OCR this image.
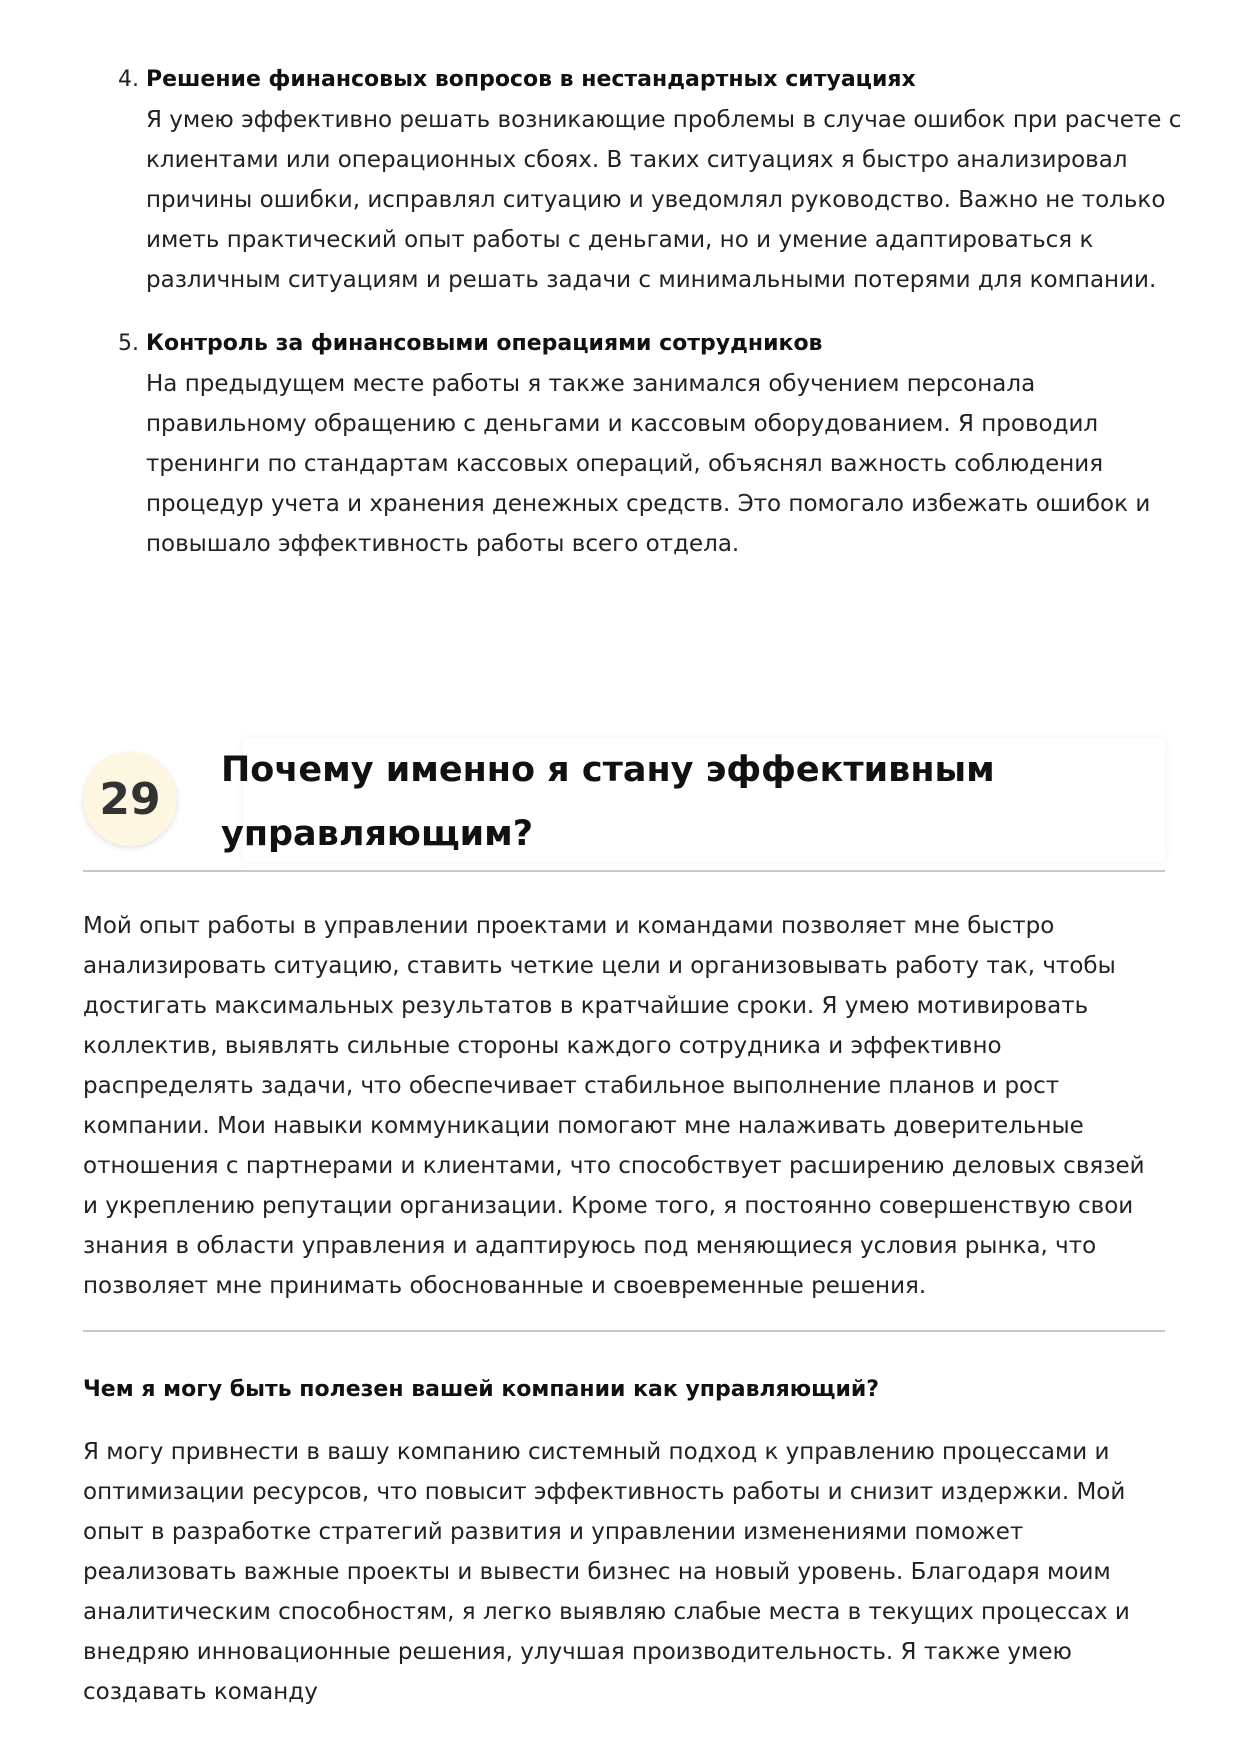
4. Решение финансовых вопросов в нестандартных ситуациях
Я умею эффективно решать возникающие проблемы в случае ошибок при расчете с клиентами или операционных сбоях. В таких ситуациях я быстро анализировал причины ошибки, исправлял ситуацию и уведомлял руководство. Важно не только иметь практический опыт работы с деньгами, но и умение адаптироваться к различным ситуациям и решать задачи с минимальными потерями для компании.
5. Контроль за финансовыми операциями сотрудников
На предыдущем месте работы я также занимался обучением персонала правильному обращению с деньгами и кассовым оборудованием. Я проводил тренинги по стандартам кассовых операций, объяснял важность соблюдения процедур учета и хранения денежных средств. Это помогало избежать ошибок и повышало эффективность работы всего отдела.
29
Почему именно я стану эффективным управляющим?
Мой опыт работы в управлении проектами и командами позволяет мне быстро анализировать ситуацию, ставить четкие цели и организовывать работу так, чтобы достигать максимальных результатов в кратчайшие сроки. Я умею мотивировать коллектив, выявлять сильные стороны каждого сотрудника и эффективно распределять задачи, что обеспечивает стабильное выполнение планов и рост компании. Мои навыки коммуникации помогают мне налаживать доверительные отношения с партнерами и клиентами, что способствует расширению деловых связей и укреплению репутации организации. Кроме того, я постоянно совершенствую свои знания в области управления и адаптируюсь под меняющиеся условия рынка, что позволяет мне принимать обоснованные и своевременные решения.
Чем я могу быть полезен вашей компании как управляющий?
Я могу привнести в вашу компанию системный подход к управлению процессами и оптимизации ресурсов, что повысит эффективность работы и снизит издержки. Мой опыт в разработке стратегий развития и управлении изменениями поможет реализовать важные проекты и вывести бизнес на новый уровень. Благодаря моим аналитическим способностям, я легко выявляю слабые места в текущих процессах и внедряю инновационные решения, улучшая производительность. Я также умею создавать команду
